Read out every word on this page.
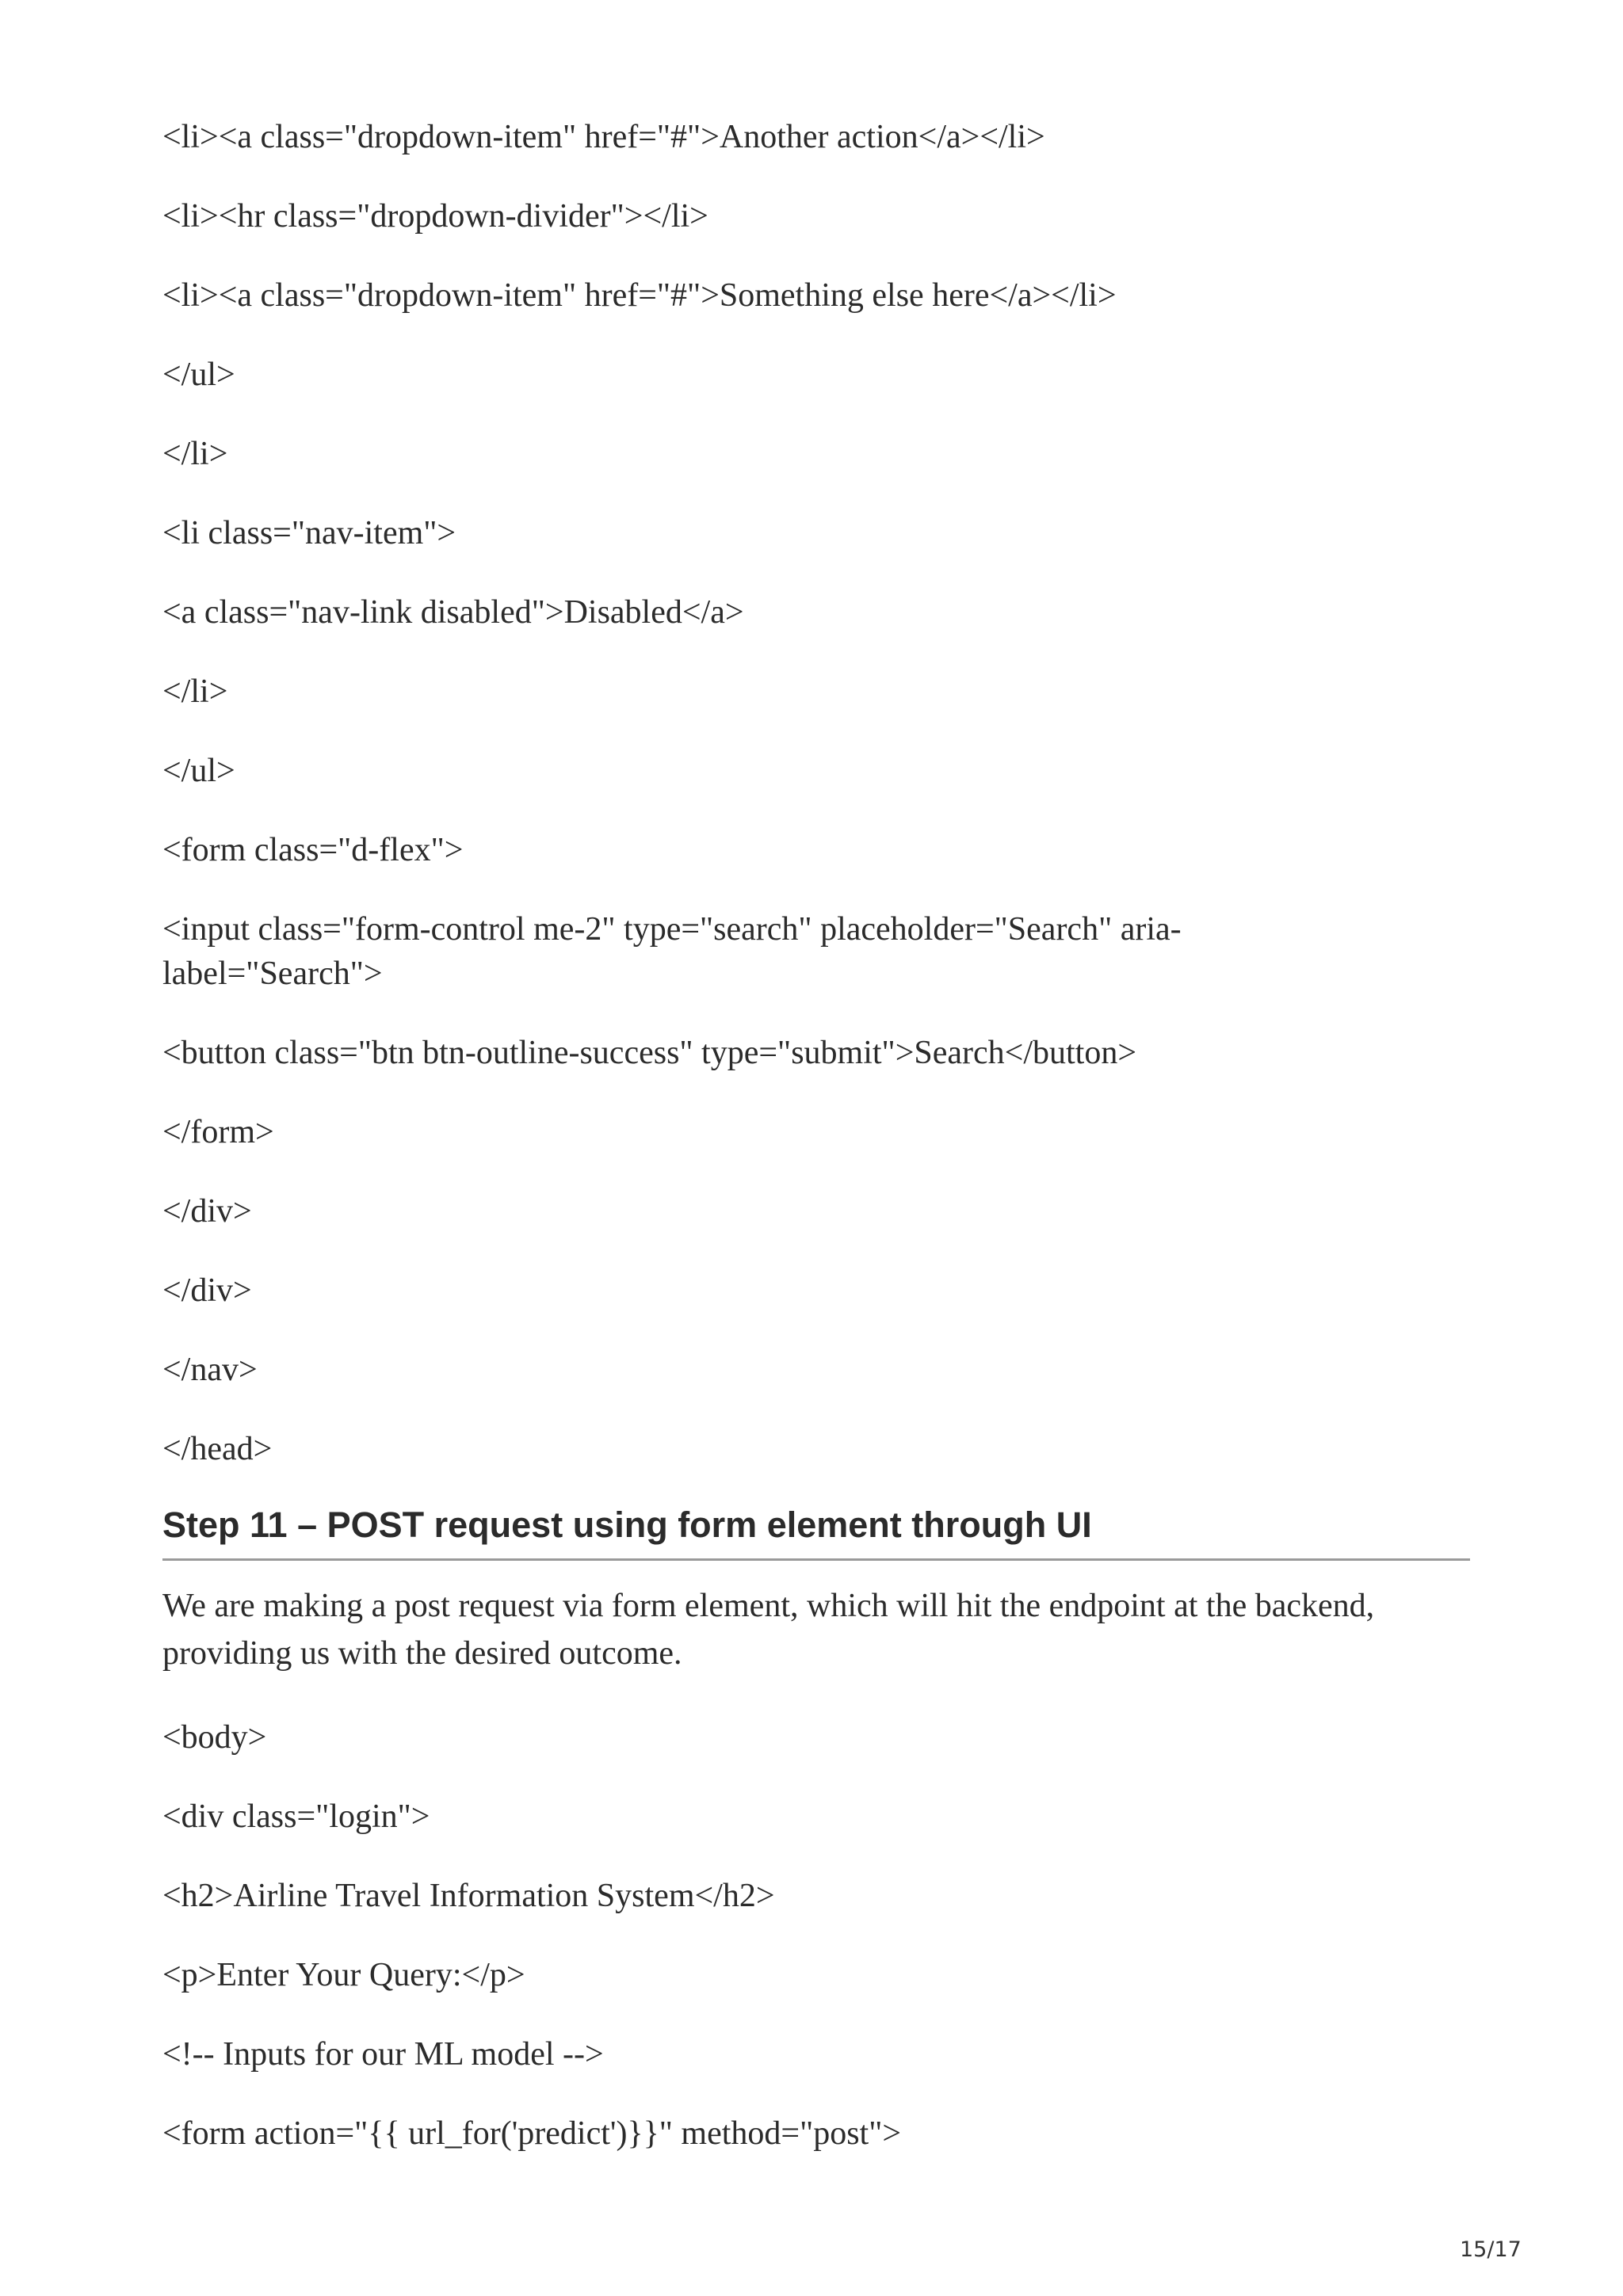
<li><a class="dropdown-item" href="#">Another action</a></li>
<li><hr class="dropdown-divider"></li>
<li><a class="dropdown-item" href="#">Something else here</a></li>
</ul>
</li>
<li class="nav-item">
<a class="nav-link disabled">Disabled</a>
</li>
</ul>
<form class="d-flex">
<input class="form-control me-2" type="search" placeholder="Search" aria-label="Search">
<button class="btn btn-outline-success" type="submit">Search</button>
</form>
</div>
</div>
</nav>
</head>
Step 11 – POST request using form element through UI
We are making a post request via form element, which will hit the endpoint at the backend, providing us with the desired outcome.
<body>
<div class="login">
<h2>Airline Travel Information System</h2>
<p>Enter Your Query:</p>
<!-- Inputs for our ML model -->
<form action="{{ url_for('predict')}}" method="post">
15/17
